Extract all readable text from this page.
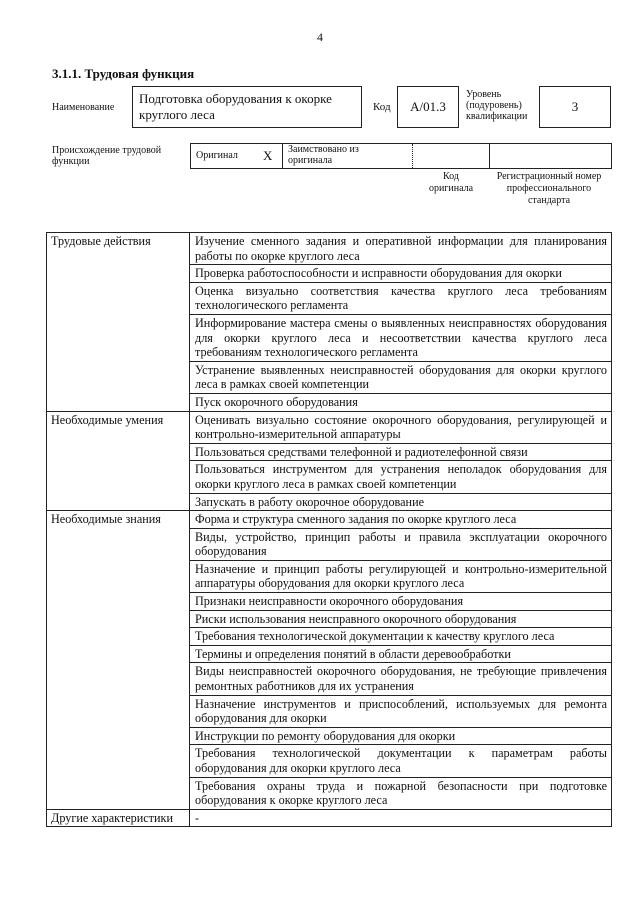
4
3.1.1. Трудовая функция
Наименование
Подготовка оборудования к окорке круглого леса	Код	A/01.3
Уровень (подуровень) квалификации
3
Происхождение трудовой функции
Оригинал X Заимствовано из оригинала
Код оригинала
Регистрационный номер профессионального стандарта
Трудовые действия	Изучение сменного задания и оперативной информации для планирования работы по окорке круглого леса
	Проверка работоспособности и исправности оборудования для окорки
	Оценка визуально соответствия качества круглого леса требованиям технологического регламента
	Информирование мастера смены о выявленных неисправностях оборудования для окорки круглого леса и несоответствии качества круглого леса требованиям технологического регламента
	Устранение выявленных неисправностей оборудования для окорки круглого леса в рамках своей компетенции
	Пуск окорочного оборудования
Необходимые умения	Оценивать визуально состояние окорочного оборудования, регулирующей и контрольно-измерительной аппаратуры
	Пользоваться средствами телефонной и радиотелефонной связи
	Пользоваться инструментом для устранения неполадок оборудования для окорки круглого леса в рамках своей компетенции
	Запускать в работу окорочное оборудование
Необходимые знания	Форма и структура сменного задания по окорке круглого леса
	Виды, устройство, принцип работы и правила эксплуатации окорочного оборудования
	Назначение и принцип работы регулирующей и контрольно-измерительной аппаратуры оборудования для окорки круглого леса
	Признаки неисправности окорочного оборудования
	Риски использования неисправного окорочного оборудования
	Требования технологической документации к качеству круглого леса
	Термины и определения понятий в области деревообработки
	Виды неисправностей окорочного оборудования, не требующие привлечения ремонтных работников для их устранения
	Назначение инструментов и приспособлений, используемых для ремонта оборудования для окорки
	Инструкции по ремонту оборудования для окорки
	Требования технологической документации к параметрам работы оборудования для окорки круглого леса
	Требования охраны труда и пожарной безопасности при подготовке оборудования к окорке круглого леса
Другие характеристики	-
